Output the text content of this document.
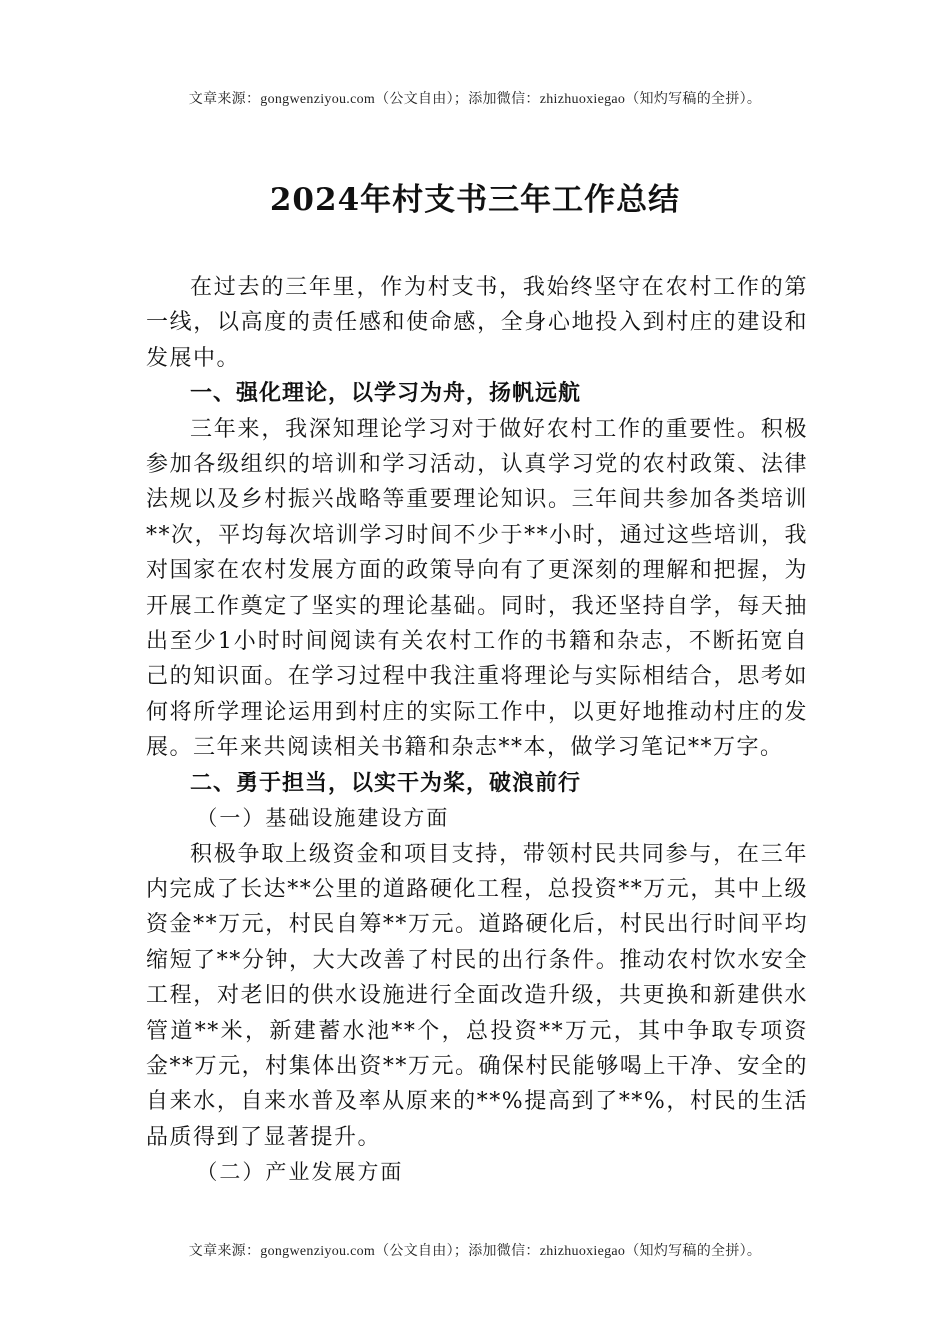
文章来源：gongwenziyou.com（公文自由）；添加微信：zhizhuoxiegao（知灼写稿的全拼）。
2024年村支书三年工作总结

在过去的三年里，作为村支书，我始终坚守在农村工作的第一线，以高度的责任感和使命感，全身心地投入到村庄的建设和发展中。

一、强化理论，以学习为舟，扬帆远航

三年来，我深知理论学习对于做好农村工作的重要性。积极参加各级组织的培训和学习活动，认真学习党的农村政策、法律法规以及乡村振兴战略等重要理论知识。三年间共参加各类培训**次，平均每次培训学习时间不少于**小时，通过这些培训，我对国家在农村发展方面的政策导向有了更深刻的理解和把握，为开展工作奠定了坚实的理论基础。同时，我还坚持自学，每天抽出至少1小时时间阅读有关农村工作的书籍和杂志，不断拓宽自己的知识面。在学习过程中我注重将理论与实际相结合，思考如何将所学理论运用到村庄的实际工作中，以更好地推动村庄的发展。三年来共阅读相关书籍和杂志**本，做学习笔记**万字。

二、勇于担当，以实干为桨，破浪前行

（一）基础设施建设方面

积极争取上级资金和项目支持，带领村民共同参与，在三年内完成了长达**公里的道路硬化工程，总投资**万元，其中上级资金**万元，村民自筹**万元。道路硬化后，村民出行时间平均缩短了**分钟，大大改善了村民的出行条件。推动农村饮水安全工程，对老旧的供水设施进行全面改造升级，共更换和新建供水管道**米，新建蓄水池**个，总投资**万元，其中争取专项资金**万元，村集体出资**万元。确保村民能够喝上干净、安全的自来水，自来水普及率从原来的**%提高到了**%，村民的生活品质得到了显著提升。

（二）产业发展方面

文章来源：gongwenziyou.com（公文自由）；添加微信：zhizhuoxiegao（知灼写稿的全拼）。
